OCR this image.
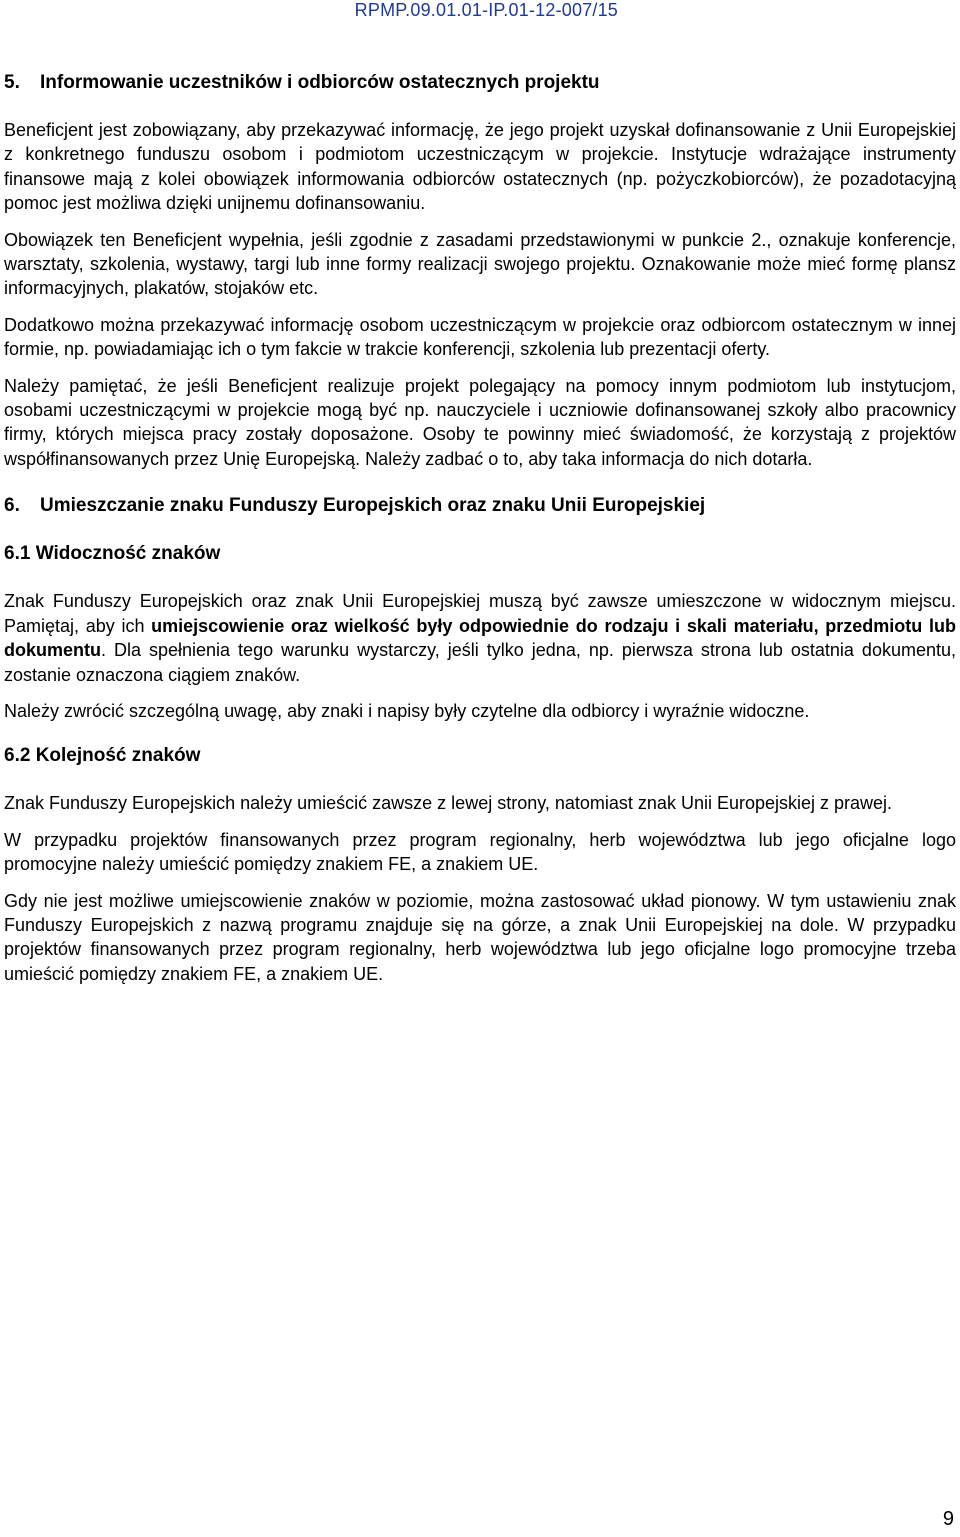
RPMP.09.01.01-IP.01-12-007/15
5. Informowanie uczestników i odbiorców ostatecznych projektu

Beneficjent jest zobowiązany, aby przekazywać informację, że jego projekt uzyskał dofinansowanie z Unii Europejskiej z konkretnego funduszu osobom i podmiotom uczestniczącym w projekcie. Instytucje wdrażające instrumenty finansowe mają z kolei obowiązek informowania odbiorców ostatecznych (np. pożyczkobiorców), że pozadotacyjną pomoc jest możliwa dzięki unijnemu dofinansowaniu.

Obowiązek ten Beneficjent wypełnia, jeśli zgodnie z zasadami przedstawionymi w punkcie 2., oznakuje konferencje, warsztaty, szkolenia, wystawy, targi lub inne formy realizacji swojego projektu. Oznakowanie może mieć formę plansz informacyjnych, plakatów, stojaków etc.

Dodatkowo można przekazywać informację osobom uczestniczącym w projekcie oraz odbiorcom ostatecznym w innej formie, np. powiadamiając ich o tym fakcie w trakcie konferencji, szkolenia lub prezentacji oferty.

Należy pamiętać, że jeśli Beneficjent realizuje projekt polegający na pomocy innym podmiotom lub instytucjom, osobami uczestniczącymi w projekcie mogą być np. nauczyciele i uczniowie dofinansowanej szkoły albo pracownicy firmy, których miejsca pracy zostały doposażone. Osoby te powinny mieć świadomość, że korzystają z projektów współfinansowanych przez Unię Europejską. Należy zadbać o to, aby taka informacja do nich dotarła.

6. Umieszczanie znaku Funduszy Europejskich oraz znaku Unii Europejskiej
6.1 Widoczność znaków

Znak Funduszy Europejskich oraz znak Unii Europejskiej muszą być zawsze umieszczone w widocznym miejscu. Pamiętaj, aby ich umiejscowienie oraz wielkość były odpowiednie do rodzaju i skali materiału, przedmiotu lub dokumentu. Dla spełnienia tego warunku wystarczy, jeśli tylko jedna, np. pierwsza strona lub ostatnia dokumentu, zostanie oznaczona ciągiem znaków.

Należy zwrócić szczególną uwagę, aby znaki i napisy były czytelne dla odbiorcy i wyraźnie widoczne.

6.2 Kolejność znaków

Znak Funduszy Europejskich należy umieścić zawsze z lewej strony, natomiast znak Unii Europejskiej z prawej.

W przypadku projektów finansowanych przez program regionalny, herb województwa lub jego oficjalne logo promocyjne należy umieścić pomiędzy znakiem FE, a znakiem UE.

Gdy nie jest możliwe umiejscowienie znaków w poziomie, można zastosować układ pionowy. W tym ustawieniu znak Funduszy Europejskich z nazwą programu znajduje się na górze, a znak Unii Europejskiej na dole. W przypadku projektów finansowanych przez program regionalny, herb województwa lub jego oficjalne logo promocyjne trzeba umieścić pomiędzy znakiem FE, a znakiem UE.

9
